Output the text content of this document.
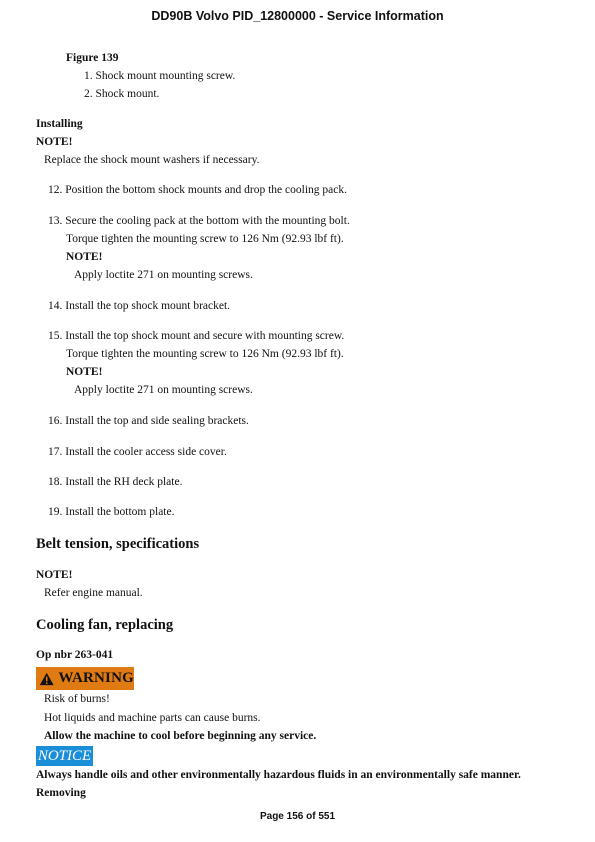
DD90B Volvo PID_12800000 - Service Information
Figure 139
1. Shock mount mounting screw.
2. Shock mount.
Installing
NOTE!
Replace the shock mount washers if necessary.
12. Position the bottom shock mounts and drop the cooling pack.
13. Secure the cooling pack at the bottom with the mounting bolt.
Torque tighten the mounting screw to 126 Nm (92.93 lbf ft).
NOTE!
Apply loctite 271 on mounting screws.
14. Install the top shock mount bracket.
15. Install the top shock mount and secure with mounting screw.
Torque tighten the mounting screw to 126 Nm (92.93 lbf ft).
NOTE!
Apply loctite 271 on mounting screws.
16. Install the top and side sealing brackets.
17. Install the cooler access side cover.
18. Install the RH deck plate.
19. Install the bottom plate.
Belt tension, specifications
NOTE!
Refer engine manual.
Cooling fan, replacing
Op nbr 263-041
WARNING
Risk of burns!
Hot liquids and machine parts can cause burns.
Allow the machine to cool before beginning any service.
NOTICE
Always handle oils and other environmentally hazardous fluids in an environmentally safe manner.
Removing
Page 156 of 551
